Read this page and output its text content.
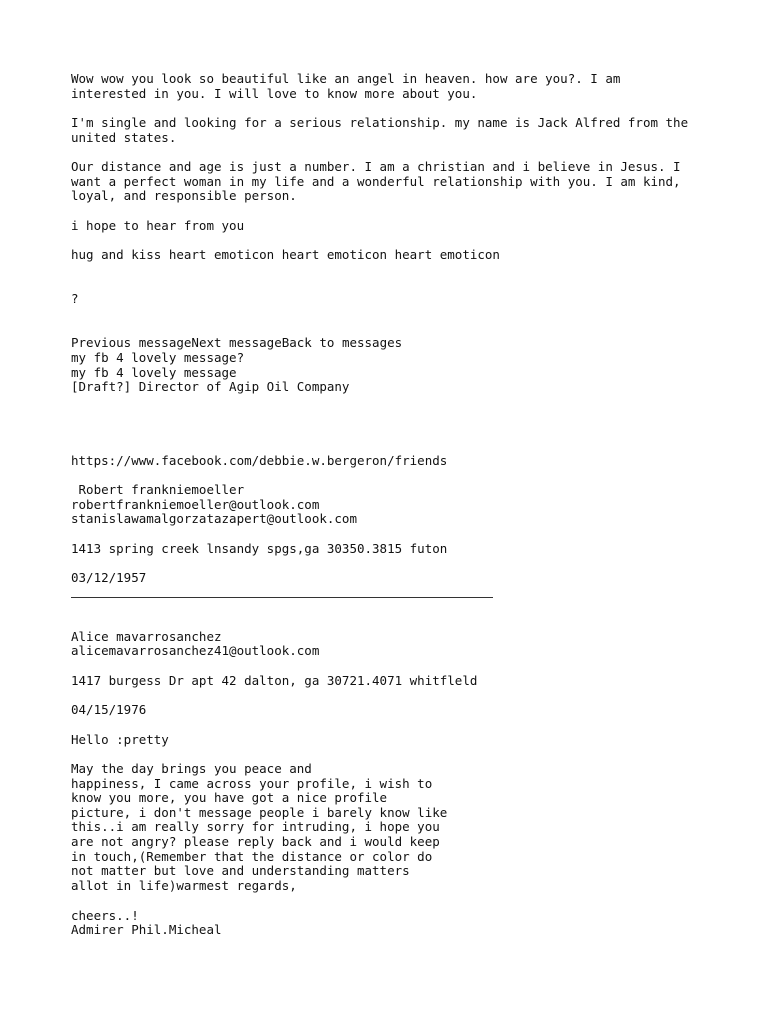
Wow wow you look so beautiful like an angel in heaven. how are you?. I am
interested in you. I will love to know more about you.

I'm single and looking for a serious relationship. my name is Jack Alfred from the
united states.

Our distance and age is just a number. I am a christian and i believe in Jesus. I
want a perfect woman in my life and a wonderful relationship with you. I am kind,
loyal, and responsible person.

i hope to hear from you

hug and kiss heart emoticon heart emoticon heart emoticon

?

Previous messageNext messageBack to messages
my fb 4 lovely message?
my fb 4 lovely message
[Draft?] Director of Agip Oil Company
https://www.facebook.com/debbie.w.bergeron/friends

Robert frankniemoeller

robertfrankniemoeller@outlook.com

stanislawamalgorzatazapert@outlook.com

1413 spring creek lnsandy spgs,ga 30350.3815 futon

03/12/1957

Alice mavarrosanchez

alicemavarrosanchez41@outlook.com

1417 burgess Dr apt 42 dalton, ga 30721.4071 whitfleld

04/15/1976

Hello :pretty

May the day brings you peace and
happiness, I came across your profile, i wish to
know you more, you have got a nice profile
picture, i don't message people i barely know like
this..i am really sorry for intruding, i hope you
are not angry? please reply back and i would keep
in touch,(Remember that the distance or color do
not matter but love and understanding matters
allot in life)warmest regards,

cheers..!

Admirer Phil.Micheal
